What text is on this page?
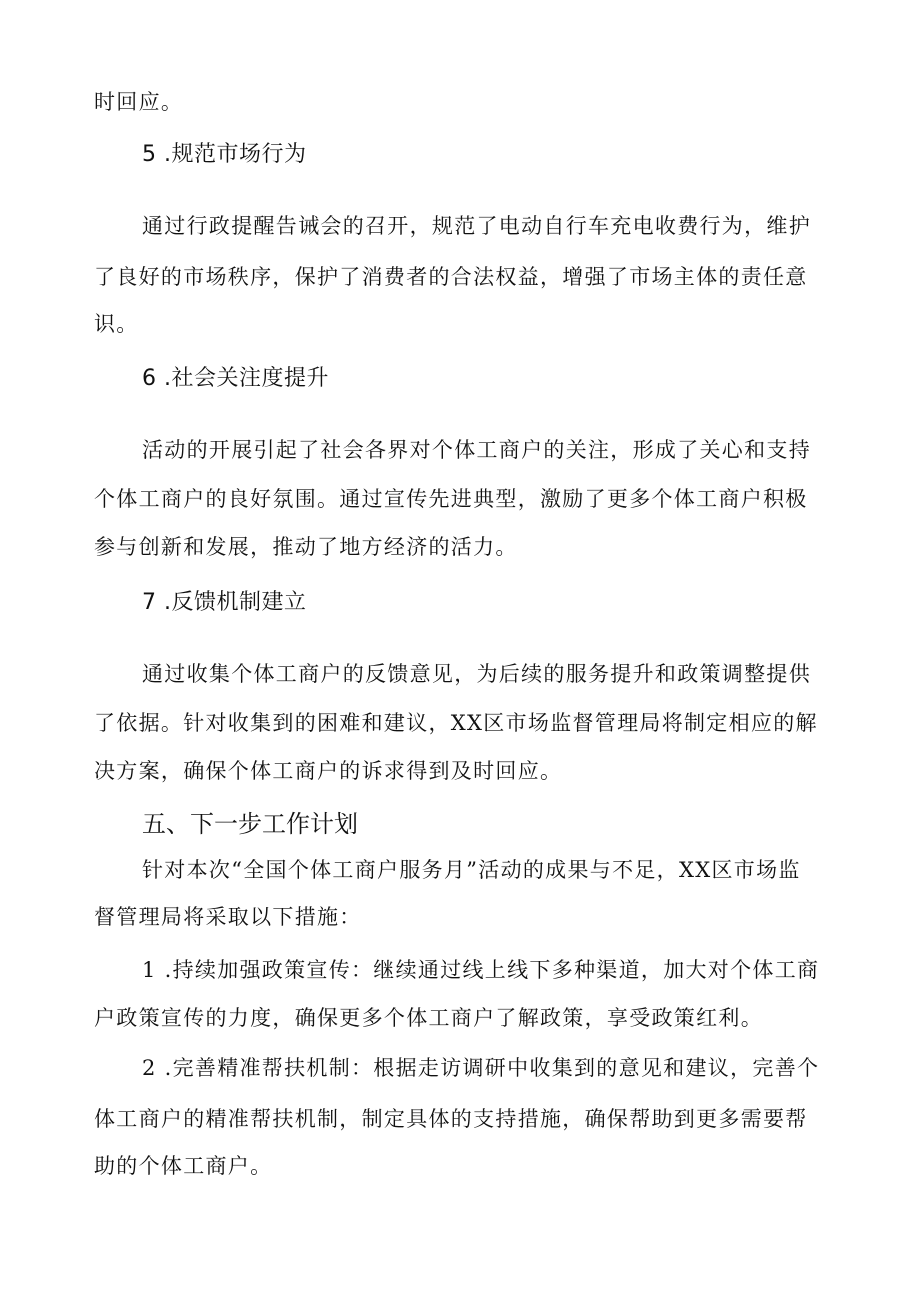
时回应。
5 .规范市场行为
通过行政提醒告诫会的召开，规范了电动自行车充电收费行为，维护
了良好的市场秩序，保护了消费者的合法权益，增强了市场主体的责任意
识。
6 .社会关注度提升
活动的开展引起了社会各界对个体工商户的关注，形成了关心和支持
个体工商户的良好氛围。通过宣传先进典型，激励了更多个体工商户积极
参与创新和发展，推动了地方经济的活力。
7 .反馈机制建立
通过收集个体工商户的反馈意见，为后续的服务提升和政策调整提供
了依据。针对收集到的困难和建议，XX区市场监督管理局将制定相应的解
决方案，确保个体工商户的诉求得到及时回应。
五、下一步工作计划
针对本次“全国个体工商户服务月”活动的成果与不足，XX区市场监
督管理局将采取以下措施：
1 .持续加强政策宣传：继续通过线上线下多种渠道，加大对个体工商
户政策宣传的力度，确保更多个体工商户了解政策，享受政策红利。
2 .完善精准帮扶机制：根据走访调研中收集到的意见和建议，完善个
体工商户的精准帮扶机制，制定具体的支持措施，确保帮助到更多需要帮
助的个体工商户。
